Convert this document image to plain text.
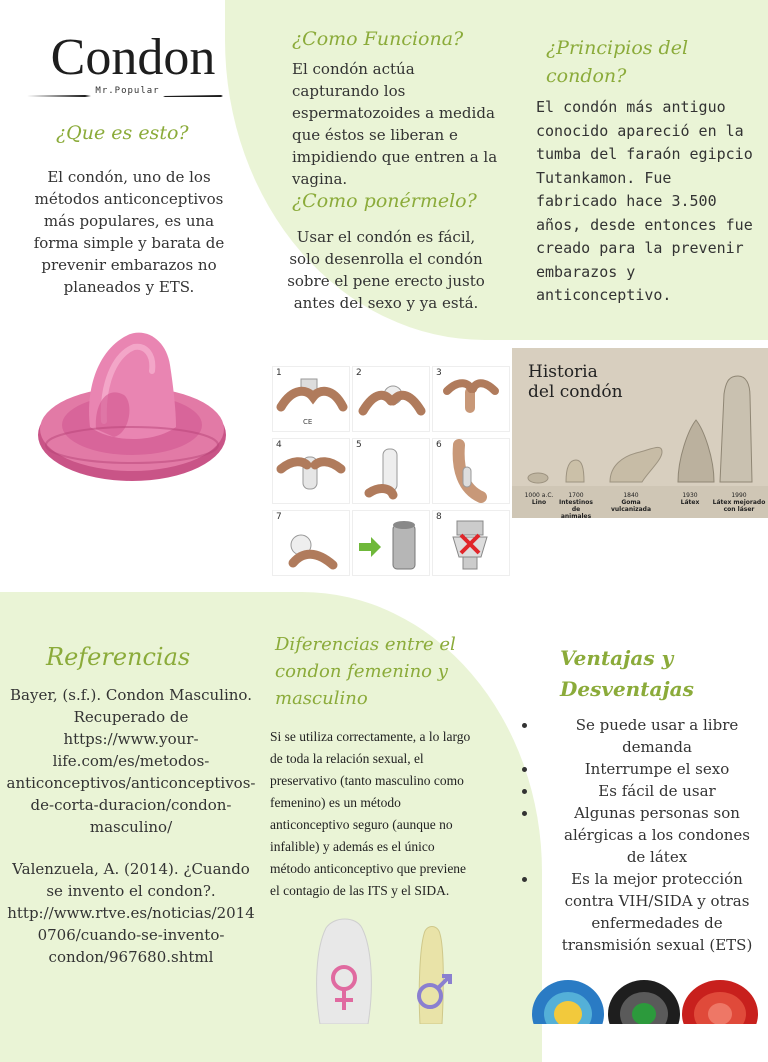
Condon
Mr.Popular
¿Que es esto?
El condón, uno de los métodos anticonceptivos más populares, es una forma simple y barata de prevenir embarazos no planeados y ETS.
¿Como Funciona?
El condón actúa capturando los espermatozoides a medida que éstos se liberan e impidiendo que entren a la vagina.
¿Como ponérmelo?
Usar el condón es fácil, solo desenrolla el condón sobre el pene erecto justo antes del sexo y ya está.
¿Principios del condon?
El condón más antiguo conocido apareció en la tumba del faraón egipcio Tutankamon. Fue fabricado hace 3.500 años, desde entonces fue creado para la prevenir embarazos y anticonceptivo.
1
CE
2	3
4	5	6
7	8
Historia
del condón
1000 a.C.
Lino
1700
Intestinos de animales
1840
Goma vulcanizada
1930
Látex
1990
Látex mejorado con láser
Referencias
Bayer, (s.f.). Condon Masculino. Recuperado de https://www.your-life.com/es/metodos-anticonceptivos/anticonceptivos-de-corta-duracion/condon-masculino/
Valenzuela, A. (2014). ¿Cuando se invento el condon?. http://www.rtve.es/noticias/20140706/cuando-se-invento-condon/967680.shtml
Diferencias entre el condon femenino y masculino
Si se utiliza correctamente, a lo largo de toda la relación sexual, el preservativo (tanto masculino como femenino) es un método anticonceptivo seguro (aunque no infalible) y además es el único método anticonceptivo que previene el contagio de las ITS y el SIDA.
Ventajas y Desventajas
• Se puede usar a libre demanda
• Interrumpe el sexo
• Es fácil de usar
• Algunas personas son alérgicas a los condones de látex
• Es la mejor protección contra VIH/SIDA y otras enfermedades de transmisión sexual (ETS)
